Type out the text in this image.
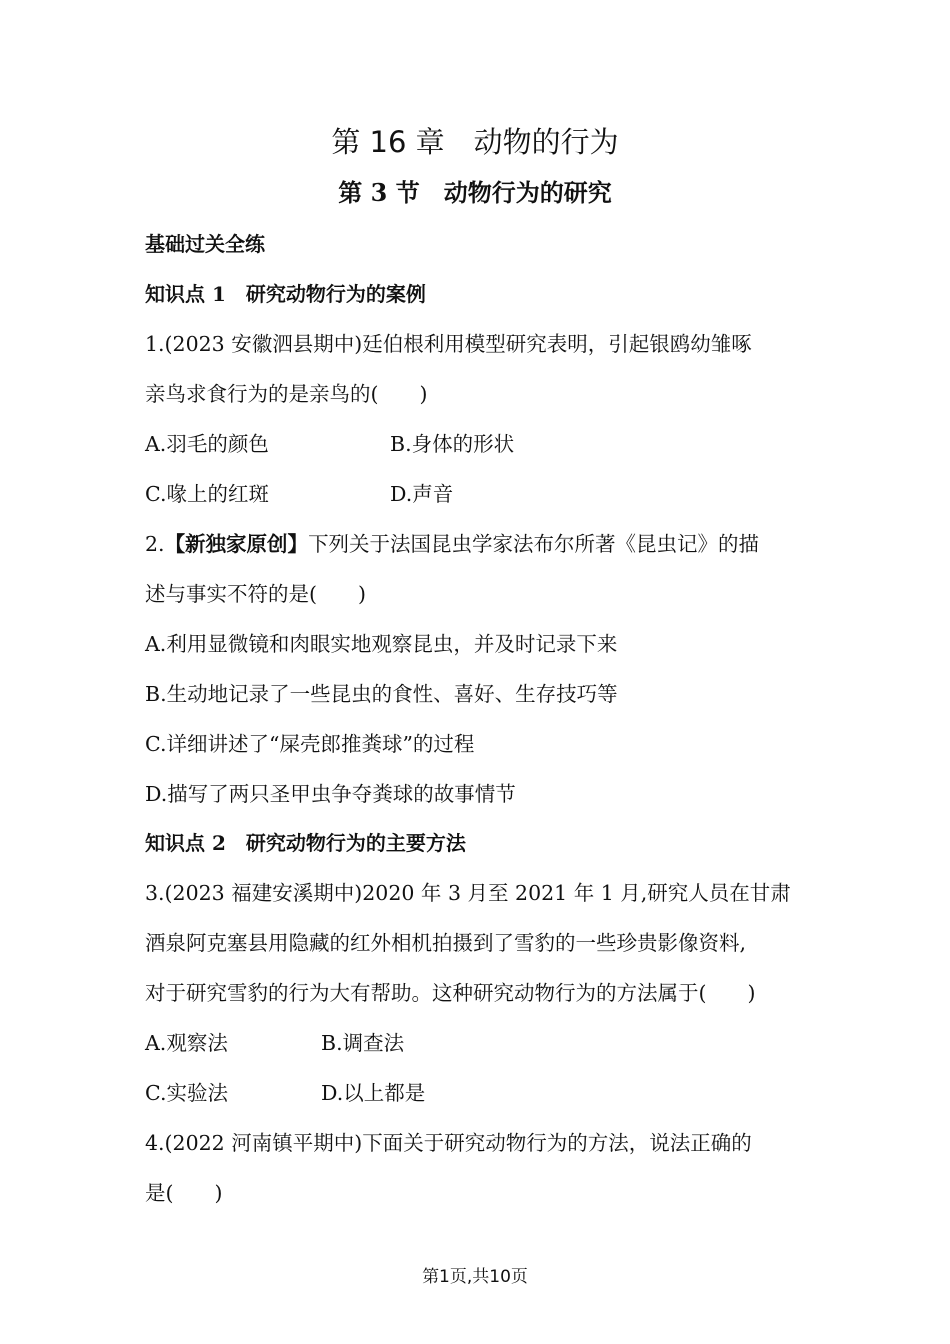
第 16 章　动物的行为
第 3 节　动物行为的研究
基础过关全练
知识点 1　研究动物行为的案例
1.(2023 安徽泗县期中)廷伯根利用模型研究表明，引起银鸥幼雏啄
亲鸟求食行为的是亲鸟的(　　)
A.羽毛的颜色	B.身体的形状
C.喙上的红斑	D.声音
2.【新独家原创】下列关于法国昆虫学家法布尔所著《昆虫记》的描
述与事实不符的是(　　)
A.利用显微镜和肉眼实地观察昆虫，并及时记录下来
B.生动地记录了一些昆虫的食性、喜好、生存技巧等
C.详细讲述了“屎壳郎推粪球”的过程
D.描写了两只圣甲虫争夺粪球的故事情节
知识点 2　研究动物行为的主要方法
3.(2023 福建安溪期中)2020 年 3 月至 2021 年 1 月,研究人员在甘肃
酒泉阿克塞县用隐藏的红外相机拍摄到了雪豹的一些珍贵影像资料,
对于研究雪豹的行为大有帮助。这种研究动物行为的方法属于(　　)
A.观察法	B.调查法
C.实验法	D.以上都是
4.(2022 河南镇平期中)下面关于研究动物行为的方法，说法正确的
是(　　)
第1页,共10页
